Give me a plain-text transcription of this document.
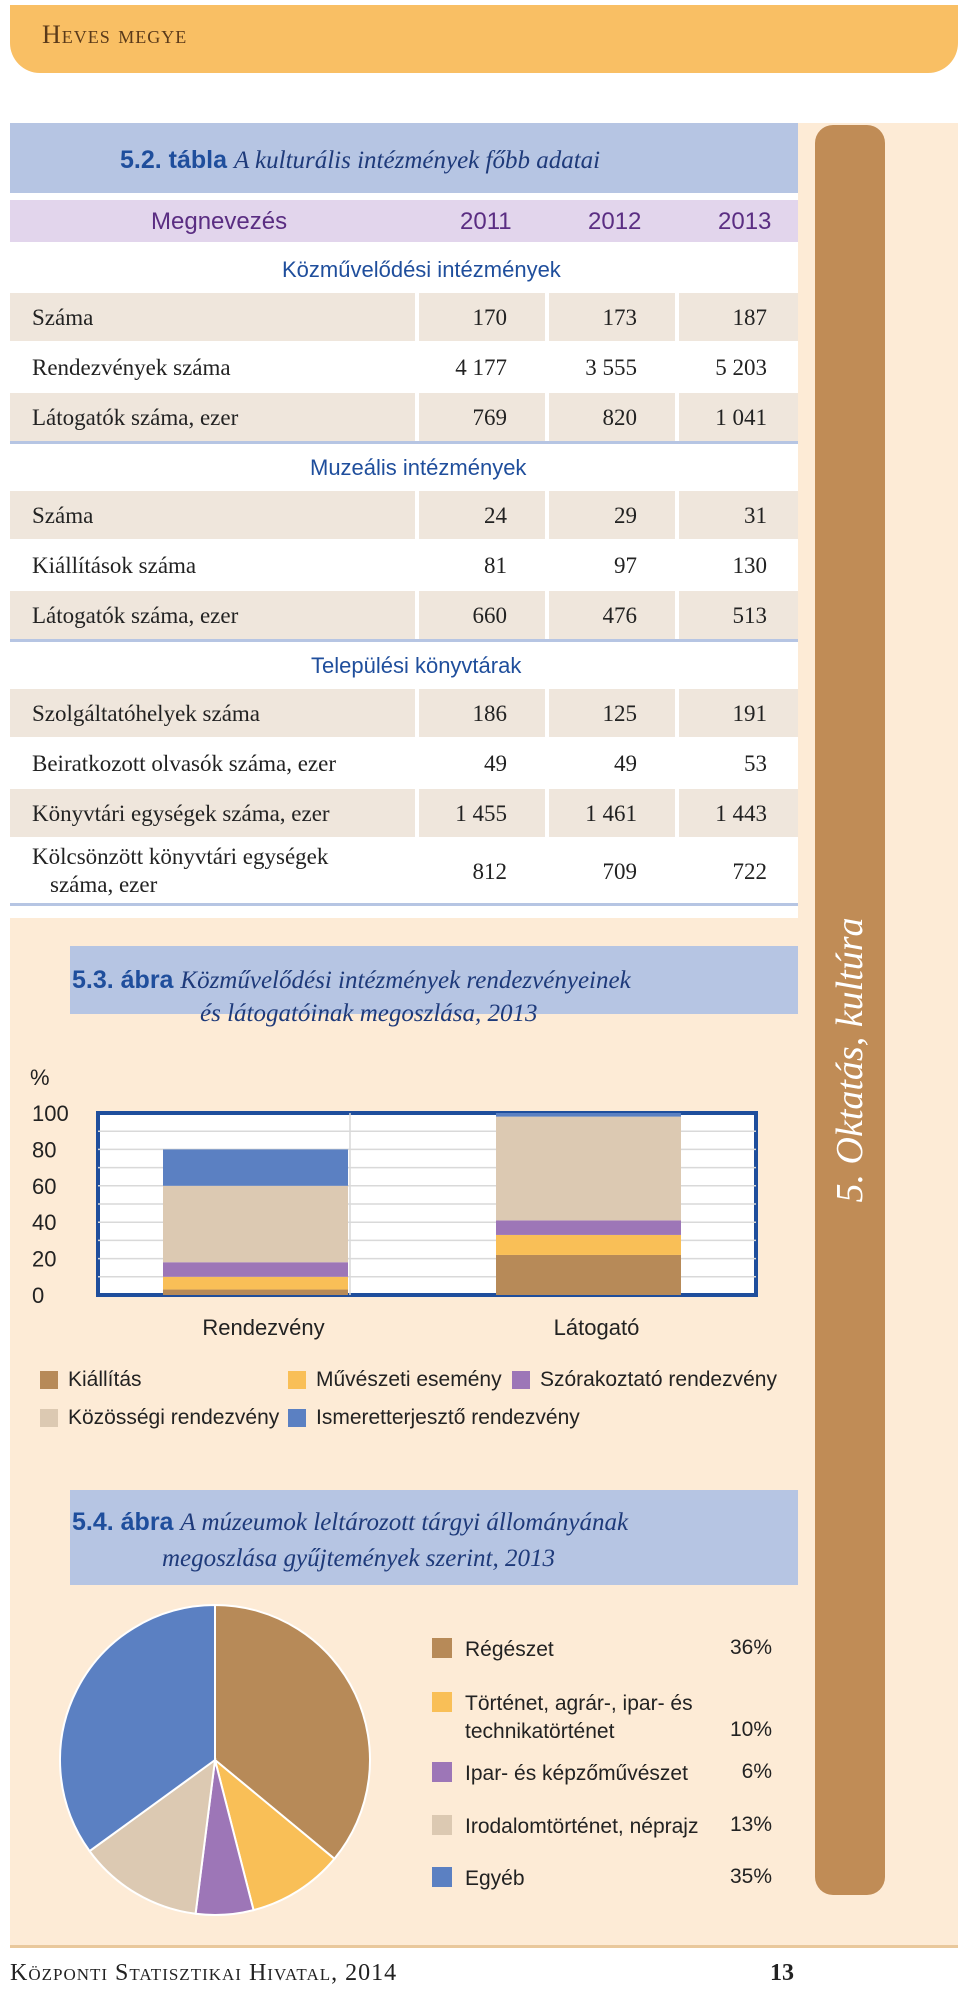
Heves megye
5. Oktatás, kultúra
5.2. tábla A kulturális intézmények főbb adatai
Megnevezés	2011	2012	2013
Közművelődési intézmények
Száma	170	173	187
Rendezvények száma	4 177	3 555	5 203
Látogatók száma, ezer	769	820	1 041
Muzeális intézmények
Száma	24	29	31
Kiállítások száma	81	97	130
Látogatók száma, ezer	660	476	513
Települési könyvtárak
Szolgáltatóhelyek száma	186	125	191
Beiratkozott olvasók száma, ezer	49	49	53
Könyvtári egységek száma, ezer	1 455	1 461	1 443
Kölcsönzött könyvtári egységek
száma, ezer
812	709	722
5.3. ábra Közművelődési intézmények rendezvényeinek
és látogatóinak megoszlása, 2013
%
0
20
40
60
80
100
Rendezvény	Látogató
Kiállítás	Művészeti esemény Szórakoztató rendezvény
Közösségi rendezvény Ismeretterjesztő rendezvény
5.4. ábra A múzeumok leltározott tárgyi állományának
megoszlása gyűjtemények szerint, 2013
Régészet	36%
Történet, agrár-, ipar- és
technikatörténet	10%
Ipar- és képzőművészet	6%
Irodalomtörténet, néprajz	13%
Egyéb	35%
Központi Statisztikai Hivatal, 2014	13
